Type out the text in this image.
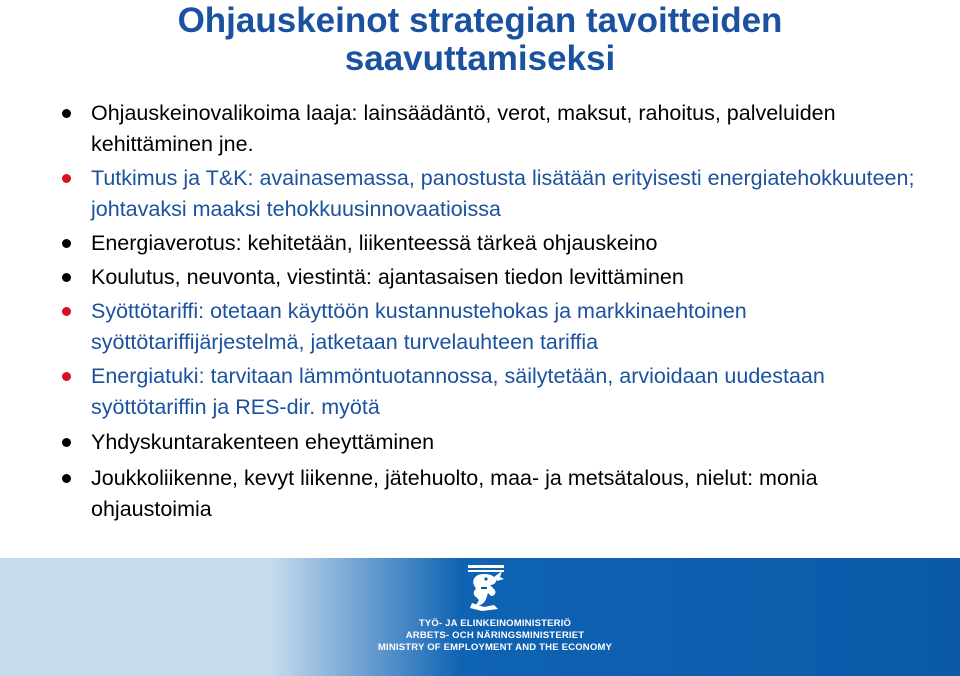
Ohjauskeinot strategian tavoitteiden
saavuttamiseksi
Ohjauskeinovalikoima laaja: lainsäädäntö, verot, maksut, rahoitus, palveluiden kehittäminen jne.
Tutkimus ja T&K: avainasemassa, panostusta lisätään erityisesti energiatehokkuuteen; johtavaksi maaksi tehokkuusinnovaatioissa
Energiaverotus: kehitetään, liikenteessä tärkeä ohjauskeino
Koulutus, neuvonta, viestintä: ajantasaisen tiedon levittäminen
Syöttötariffi: otetaan käyttöön kustannustehokas ja markkinaehtoinen syöttötariffijärjestelmä, jatketaan turvelauhteen tariffia
Energiatuki: tarvitaan lämmöntuotannossa, säilytetään, arvioidaan uudestaan syöttötariffin ja RES-dir. myötä
Yhdyskuntarakenteen eheyttäminen
Joukkoliikenne, kevyt liikenne, jätehuolto, maa- ja metsätalous, nielut: monia ohjaustoimia
TYÖ- JA ELINKEINOMINISTERIÖ
ARBETS- OCH NÄRINGSMINISTERIET
MINISTRY OF EMPLOYMENT AND THE ECONOMY
